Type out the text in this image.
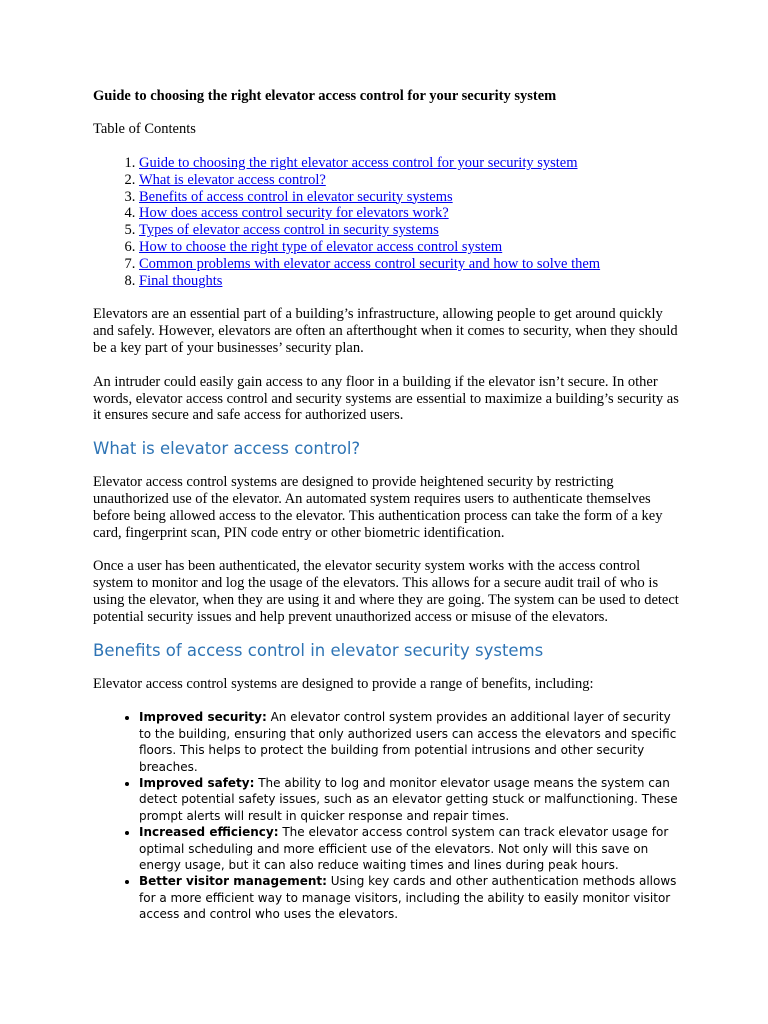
Guide to choosing the right elevator access control for your security system

Table of Contents

1. Guide to choosing the right elevator access control for your security system
2. What is elevator access control?
3. Benefits of access control in elevator security systems
4. How does access control security for elevators work?
5. Types of elevator access control in security systems
6. How to choose the right type of elevator access control system
7. Common problems with elevator access control security and how to solve them
8. Final thoughts

Elevators are an essential part of a building’s infrastructure, allowing people to get around quickly and safely. However, elevators are often an afterthought when it comes to security, when they should be a key part of your businesses’ security plan.

An intruder could easily gain access to any floor in a building if the elevator isn’t secure. In other words, elevator access control and security systems are essential to maximize a building’s security as it ensures secure and safe access for authorized users.

What is elevator access control?

Elevator access control systems are designed to provide heightened security by restricting unauthorized use of the elevator. An automated system requires users to authenticate themselves before being allowed access to the elevator. This authentication process can take the form of a key card, fingerprint scan, PIN code entry or other biometric identification.

Once a user has been authenticated, the elevator security system works with the access control system to monitor and log the usage of the elevators. This allows for a secure audit trail of who is using the elevator, when they are using it and where they are going. The system can be used to detect potential security issues and help prevent unauthorized access or misuse of the elevators.

Benefits of access control in elevator security systems

Elevator access control systems are designed to provide a range of benefits, including:

• Improved security: An elevator control system provides an additional layer of security to the building, ensuring that only authorized users can access the elevators and specific floors. This helps to protect the building from potential intrusions and other security breaches.
• Improved safety: The ability to log and monitor elevator usage means the system can detect potential safety issues, such as an elevator getting stuck or malfunctioning. These prompt alerts will result in quicker response and repair times.
• Increased efficiency: The elevator access control system can track elevator usage for optimal scheduling and more efficient use of the elevators. Not only will this save on energy usage, but it can also reduce waiting times and lines during peak hours.
• Better visitor management: Using key cards and other authentication methods allows for a more efficient way to manage visitors, including the ability to easily monitor visitor access and control who uses the elevators.
